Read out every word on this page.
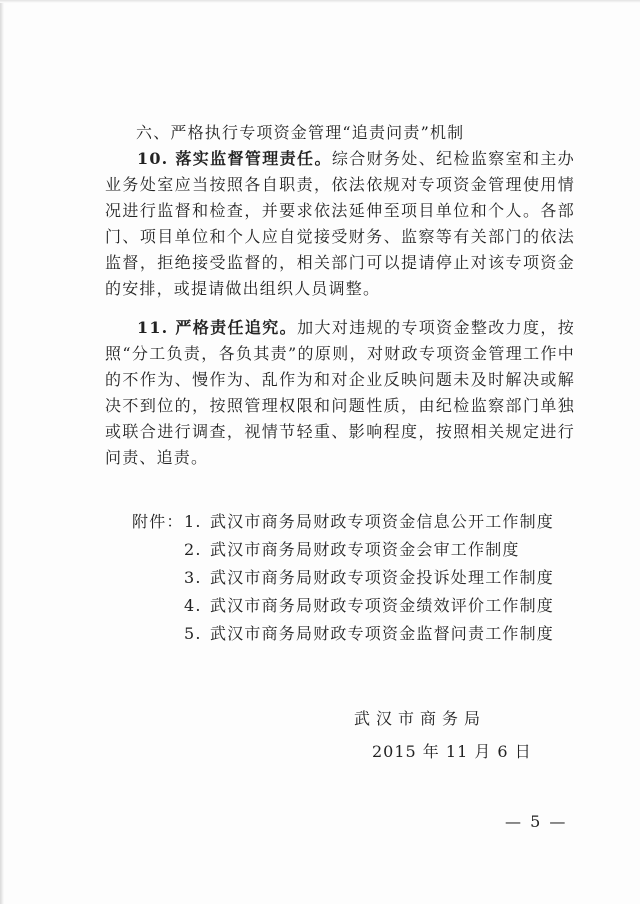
六、严格执行专项资金管理“追责问责”机制
10. 落实监督管理责任。综合财务处、纪检监察室和主办业务处室应当按照各自职责，依法依规对专项资金管理使用情况进行监督和检查，并要求依法延伸至项目单位和个人。各部门、项目单位和个人应自觉接受财务、监察等有关部门的依法监督，拒绝接受监督的，相关部门可以提请停止对该专项资金的安排，或提请做出组织人员调整。
11. 严格责任追究。加大对违规的专项资金整改力度，按照“分工负责，各负其责”的原则，对财政专项资金管理工作中的不作为、慢作为、乱作为和对企业反映问题未及时解决或解决不到位的，按照管理权限和问题性质，由纪检监察部门单独或联合进行调查，视情节轻重、影响程度，按照相关规定进行问责、追责。
附件： 1. 武汉市商务局财政专项资金信息公开工作制度
2. 武汉市商务局财政专项资金会审工作制度
3. 武汉市商务局财政专项资金投诉处理工作制度
4. 武汉市商务局财政专项资金绩效评价工作制度
5. 武汉市商务局财政专项资金监督问责工作制度
武汉市商务局
2015 年 11 月 6 日
— 5 —
